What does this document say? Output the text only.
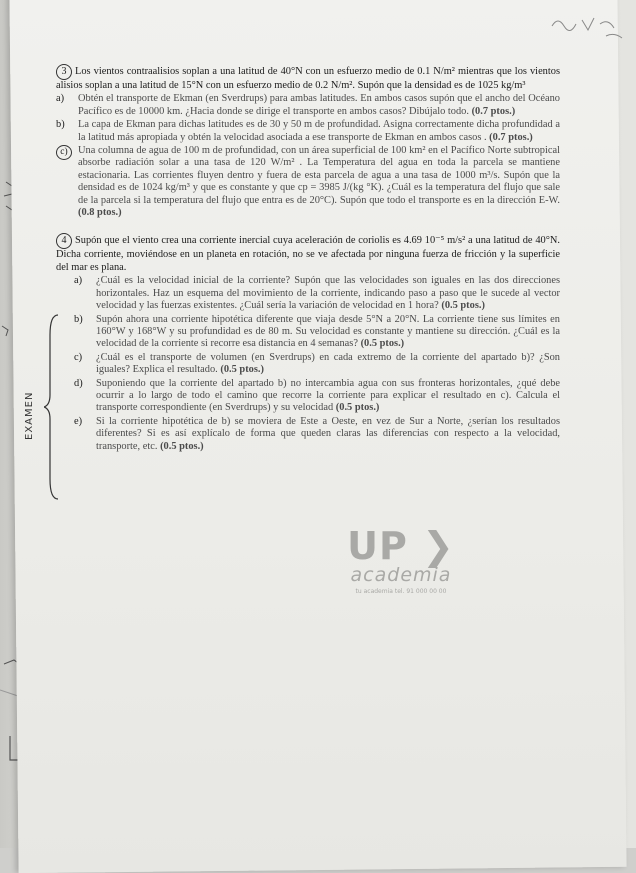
3 Los vientos contraalisios soplan a una latitud de 40°N con un esfuerzo medio de 0.1 N/m² mientras que los vientos alisios soplan a una latitud de 15°N con un esfuerzo medio de 0.2 N/m². Supón que la densidad es de 1025 kg/m³
a)	Obtén el transporte de Ekman (en Sverdrups) para ambas latitudes. En ambos casos supón que el ancho del Océano Pacífico es de 10000 km. ¿Hacia donde se dirige el transporte en ambos casos? Dibújalo todo. (0.7 ptos.)
b)	La capa de Ekman para dichas latitudes es de 30 y 50 m de profundidad. Asigna correctamente dicha profundidad a la latitud más apropiada y obtén la velocidad asociada a ese transporte de Ekman en ambos casos . (0.7 ptos.)
c) Una columna de agua de 100 m de profundidad, con un área superficial de 100 km² en el Pacífico Norte subtropical absorbe radiación solar a una tasa de 120 W/m² . La Temperatura del agua en toda la parcela se mantiene estacionaria. Las corrientes fluyen dentro y fuera de esta parcela de agua a una tasa de 1000 m³/s. Supón que la densidad es de 1024 kg/m³ y que es constante y que cp = 3985 J/(kg °K). ¿Cuál es la temperatura del flujo que sale de la parcela si la temperatura del flujo que entra es de 20°C). Supón que todo el transporte es en la dirección E-W. (0.8 ptos.)
4 Supón que el viento crea una corriente inercial cuya aceleración de coriolis es 4.69 10⁻⁵ m/s² a una latitud de 40°N. Dicha corriente, moviéndose en un planeta en rotación, no se ve afectada por ninguna fuerza de fricción y la superficie del mar es plana.
a)	¿Cuál es la velocidad inicial de la corriente? Supón que las velocidades son iguales en las dos direcciones horizontales. Haz un esquema del movimiento de la corriente, indicando paso a paso que le sucede al vector velocidad y las fuerzas existentes. ¿Cuál sería la variación de velocidad en 1 hora? (0.5 ptos.)
b)	Supón ahora una corriente hipotética diferente que viaja desde 5°N a 20°N. La corriente tiene sus límites en 160°W y 168°W y su profundidad es de 80 m. Su velocidad es constante y mantiene su dirección. ¿Cuál es la velocidad de la corriente si recorre esa distancia en 4 semanas? (0.5 ptos.)
c)	¿Cuál es el transporte de volumen (en Sverdrups) en cada extremo de la corriente del apartado b)? ¿Son iguales? Explica el resultado. (0.5 ptos.)
d)	Suponiendo que la corriente del apartado b) no intercambia agua con sus fronteras horizontales, ¿qué debe ocurrir a lo largo de todo el camino que recorre la corriente para explicar el resultado en c). Calcula el transporte correspondiente (en Sverdrups) y su velocidad (0.5 ptos.)
e)	Si la corriente hipotética de b) se moviera de Este a Oeste, en vez de Sur a Norte, ¿serían los resultados diferentes? Si es así explícalo de forma que queden claras las diferencias con respecto a la velocidad, transporte, etc. (0.5 ptos.)
EXAMEN
UP ❯
academia
tu academia tel. 91 000 00 00
